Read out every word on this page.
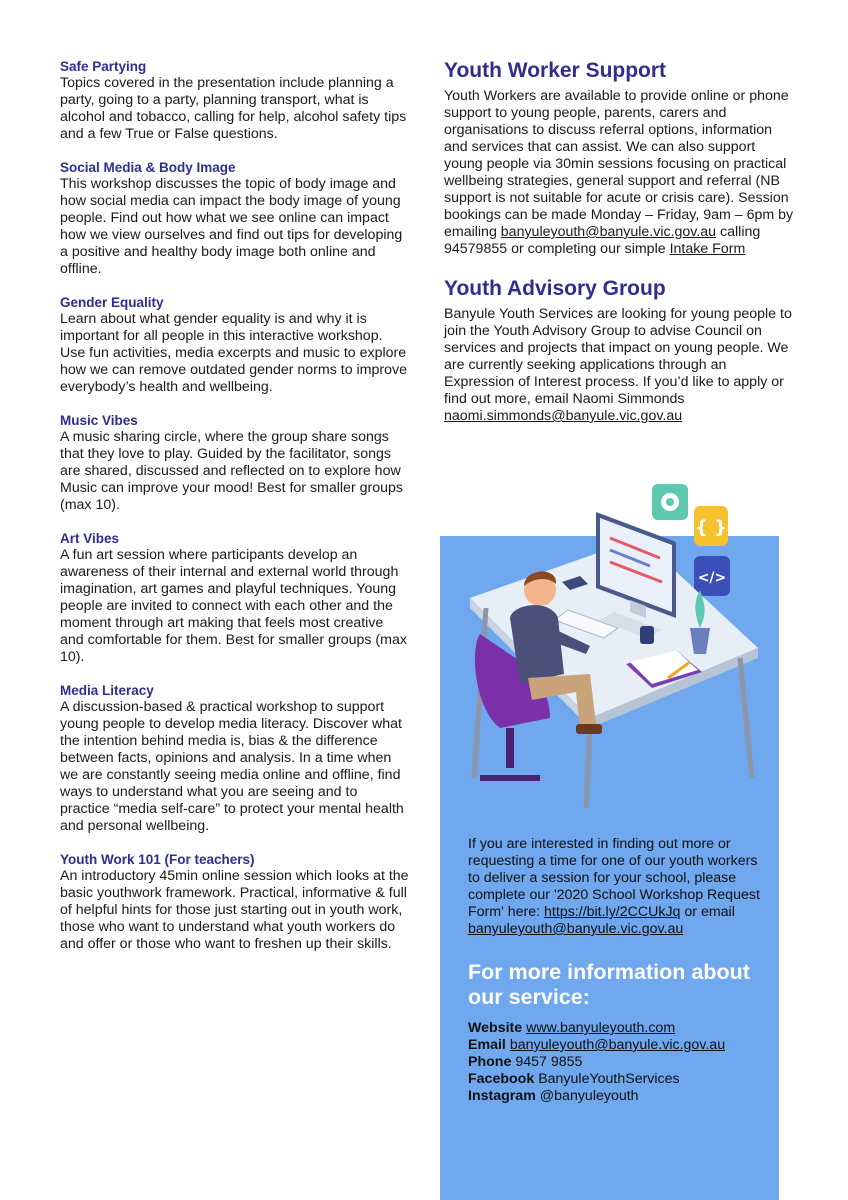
Safe Partying

Topics covered in the presentation include planning a party, going to a party, planning transport, what is alcohol and tobacco, calling for help, alcohol safety tips and a few True or False questions.

Social Media & Body Image

This workshop discusses the topic of body image and how social media can impact the body image of young people. Find out how what we see online can impact how we view ourselves and find out tips for developing a positive and healthy body image both online and offline.

Gender Equality

Learn about what gender equality is and why it is important for all people in this interactive workshop. Use fun activities, media excerpts and music to explore how we can remove outdated gender norms to improve everybody’s health and wellbeing.

Music Vibes

A music sharing circle, where the group share songs that they love to play. Guided by the facilitator, songs are shared, discussed and reflected on to explore how Music can improve your mood! Best for smaller groups (max 10).

Art Vibes

A fun art session where participants develop an awareness of their internal and external world through imagination, art games and playful techniques. Young people are invited to connect with each other and the moment through art making that feels most creative and comfortable for them. Best for smaller groups (max 10).

Media Literacy

A discussion-based & practical workshop to support young people to develop media literacy. Discover what the intention behind media is, bias & the difference between facts, opinions and analysis. In a time when we are constantly seeing media online and offline, find ways to understand what you are seeing and to practice “media self-care” to protect your mental health and personal wellbeing.

Youth Work 101 (For teachers)

An introductory 45min online session which looks at the basic youthwork framework. Practical, informative & full of helpful hints for those just starting out in youth work, those who want to understand what youth workers do and offer or those who want to freshen up their skills.

Youth Worker Support

Youth Workers are available to provide online or phone support to young people, parents, carers and organisations to discuss referral options, information and services that can assist. We can also support young people via 30min sessions focusing on practical wellbeing strategies, general support and referral (NB support is not suitable for acute or crisis care). Session bookings can be made Monday – Friday, 9am – 6pm by emailing banyuleyouth@banyule.vic.gov.au calling 94579855 or completing our simple Intake Form

Youth Advisory Group

Banyule Youth Services are looking for young people to join the Youth Advisory Group to advise Council on services and projects that impact on young people. We are currently seeking applications through an Expression of Interest process. If you’d like to apply or find out more, email Naomi Simmonds naomi.simmonds@banyule.vic.gov.au

{ }
</>
If you are interested in finding out more or requesting a time for one of our youth workers to deliver a session for your school, please complete our '2020 School Workshop Request Form' here: https://bit.ly/2CCUkJq or email banyuleyouth@banyule.vic.gov.au
For more information about our service:

Website www.banyuleyouth.com

Email banyuleyouth@banyule.vic.gov.au

Phone 9457 9855

Facebook BanyuleYouthServices

Instagram @banyuleyouth
